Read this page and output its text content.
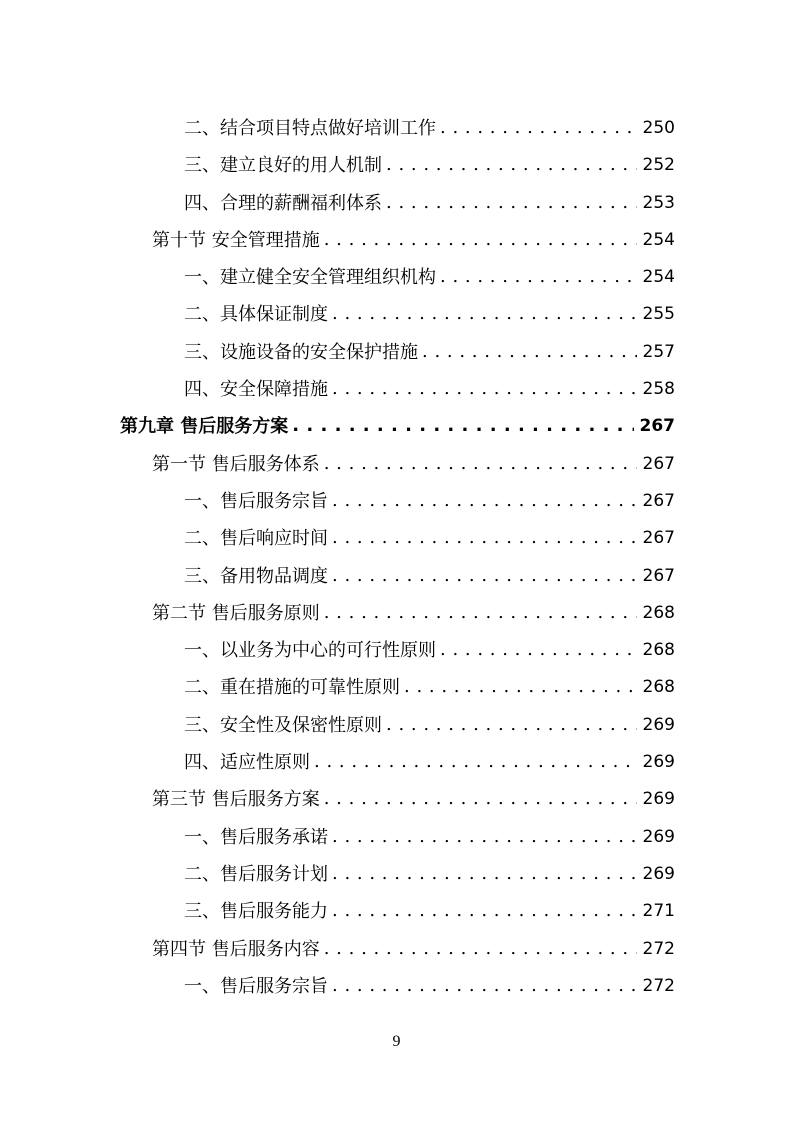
二、结合项目特点做好培训工作 . . .	250
三、建立良好的用人机制 . . .	252
四、合理的薪酬福利体系 . . .	253
第十节 安全管理措施 . . .	254
一、建立健全安全管理组织机构 . . .	254
二、具体保证制度 . . .	255
三、设施设备的安全保护措施 . . .	257
四、安全保障措施 . . .	258
第九章 售后服务方案 . . .	267
第一节 售后服务体系 . . .	267
一、售后服务宗旨 . . .	267
二、售后响应时间 . . .	267
三、备用物品调度 . . .	267
第二节 售后服务原则 . . .	268
一、以业务为中心的可行性原则 . . .	268
二、重在措施的可靠性原则 . . .	268
三、安全性及保密性原则 . . .	269
四、适应性原则 . . .	269
第三节 售后服务方案 . . .	269
一、售后服务承诺 . . .	269
二、售后服务计划 . . .	269
三、售后服务能力 . . .	271
第四节 售后服务内容 . . .	272
一、售后服务宗旨 . . .	272
9
